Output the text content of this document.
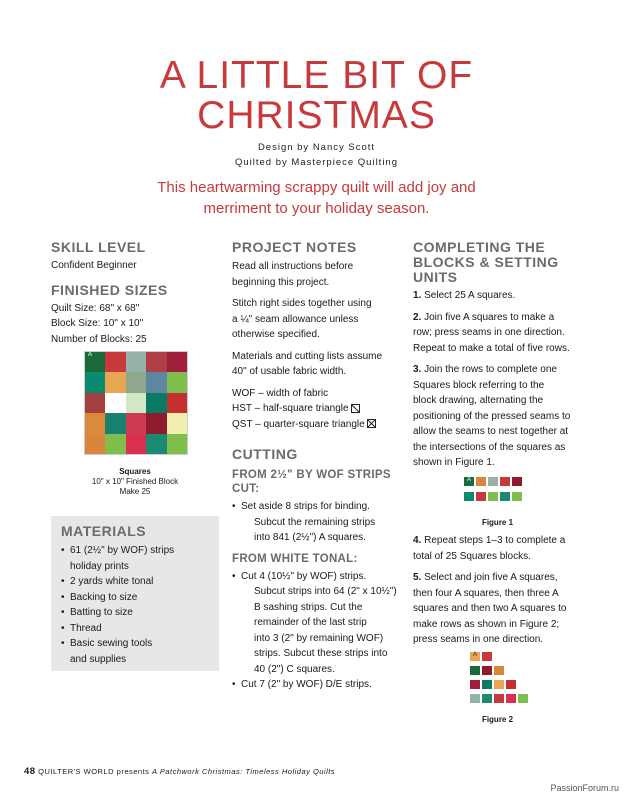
A LITTLE BIT OF
CHRISTMAS
Design by Nancy Scott
Quilted by Masterpiece Quilting
This heartwarming scrappy quilt will add joy and
merriment to your holiday season.

SKILL LEVEL

Confident Beginner

FINISHED SIZES

Quilt Size: 68" x 68"

Block Size: 10" x 10"

Number of Blocks: 25

A
Squares
10" x 10" Finished Block
Make 25

MATERIALS

• 61 (2½" by WOF) strips
holiday prints
• 2 yards white tonal
• Backing to size
• Batting to size
• Thread
• Basic sewing tools
and supplies

PROJECT NOTES

Read all instructions before

beginning this project.

Stitch right sides together using

a ¼" seam allowance unless

otherwise specified.

Materials and cutting lists assume

40" of usable fabric width.

WOF – width of fabric

HST – half-square triangle

QST – quarter-square triangle

CUTTING

FROM 2½" BY WOF STRIPS

CUT:

• Set aside 8 strips for binding.
Subcut the remaining strips
into 841 (2½") A squares.

FROM WHITE TONAL:

• Cut 4 (10½" by WOF) strips.
Subcut strips into 64 (2" x 10½")
B sashing strips. Cut the
remainder of the last strip
into 3 (2" by remaining WOF)
strips. Subcut these strips into
40 (2") C squares.
• Cut 7 (2" by WOF) D/E strips.

COMPLETING THE

BLOCKS & SETTING

UNITS

1. Select 25 A squares.

2. Join five A squares to make a

row; press seams in one direction.

Repeat to make a total of five rows.

3. Join the rows to complete one

Squares block referring to the

block drawing, alternating the

positioning of the pressed seams to

allow the seams to nest together at

the intersections of the squares as

shown in Figure 1.

A
Figure 1

4. Repeat steps 1–3 to complete a

total of 25 Squares blocks.

5. Select and join five A squares,

then four A squares, then three A

squares and then two A squares to

make rows as shown in Figure 2;

press seams in one direction.

A
Figure 2
48 QUILTER'S WORLD presents A Patchwork Christmas: Timeless Holiday Quilts
PassionForum.ru
